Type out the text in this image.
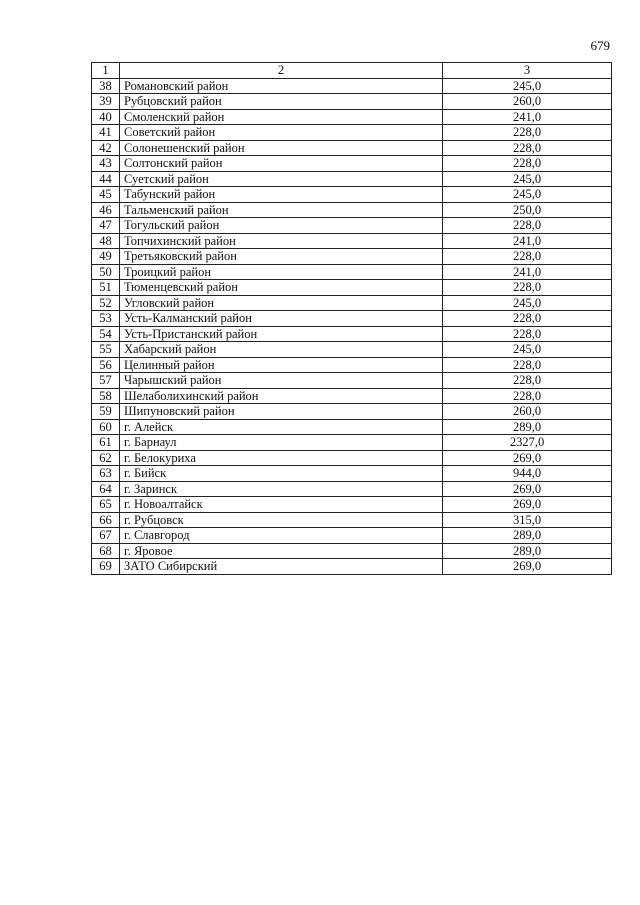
679
1	2	3
38	Романовский район	245,0
39	Рубцовский район	260,0
40	Смоленский район	241,0
41	Советский район	228,0
42	Солонешенский район	228,0
43	Солтонский район	228,0
44	Суетский район	245,0
45	Табунский район	245,0
46	Тальменский район	250,0
47	Тогульский район	228,0
48	Топчихинский район	241,0
49	Третьяковский район	228,0
50	Троицкий район	241,0
51	Тюменцевский район	228,0
52	Угловский район	245,0
53	Усть-Калманский район	228,0
54	Усть-Пристанский район	228,0
55	Хабарский район	245,0
56	Целинный район	228,0
57	Чарышский район	228,0
58	Шелаболихинский район	228,0
59	Шипуновский район	260,0
60	г. Алейск	289,0
61	г. Барнаул	2327,0
62	г. Белокуриха	269,0
63	г. Бийск	944,0
64	г. Заринск	269,0
65	г. Новоалтайск	269,0
66	г. Рубцовск	315,0
67	г. Славгород	289,0
68	г. Яровое	289,0
69	ЗАТО Сибирский	269,0
